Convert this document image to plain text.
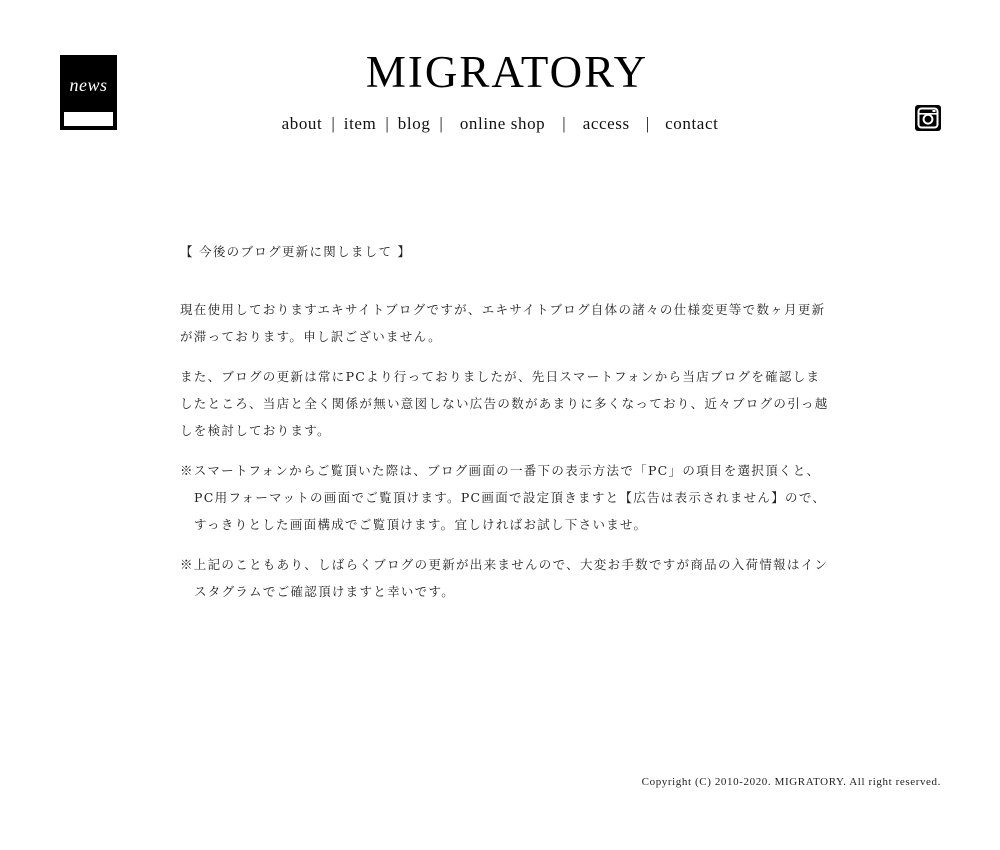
news	MIGRATORY
about | item | blog | online shop | access | contact
【 今後のブログ更新に関しまして 】

現在使用しておりますエキサイトブログですが、エキサイトブログ自体の諸々の仕様変更等で数ヶ月更新が滞っております。申し訳ございません。

また、ブログの更新は常にPCより行っておりましたが、先日スマートフォンから当店ブログを確認しましたところ、当店と全く関係が無い意図しない広告の数があまりに多くなっており、近々ブログの引っ越しを検討しております。

※スマートフォンからご覧頂いた際は、ブログ画面の一番下の表示方法で「PC」の項目を選択頂くと、PC用フォーマットの画面でご覧頂けます。PC画面で設定頂きますと【広告は表示されません】ので、すっきりとした画面構成でご覧頂けます。宜しければお試し下さいませ。

※上記のこともあり、しばらくブログの更新が出来ませんので、大変お手数ですが商品の入荷情報はインスタグラムでご確認頂けますと幸いです。

Copyright (C) 2010-2020. MIGRATORY. All right reserved.
